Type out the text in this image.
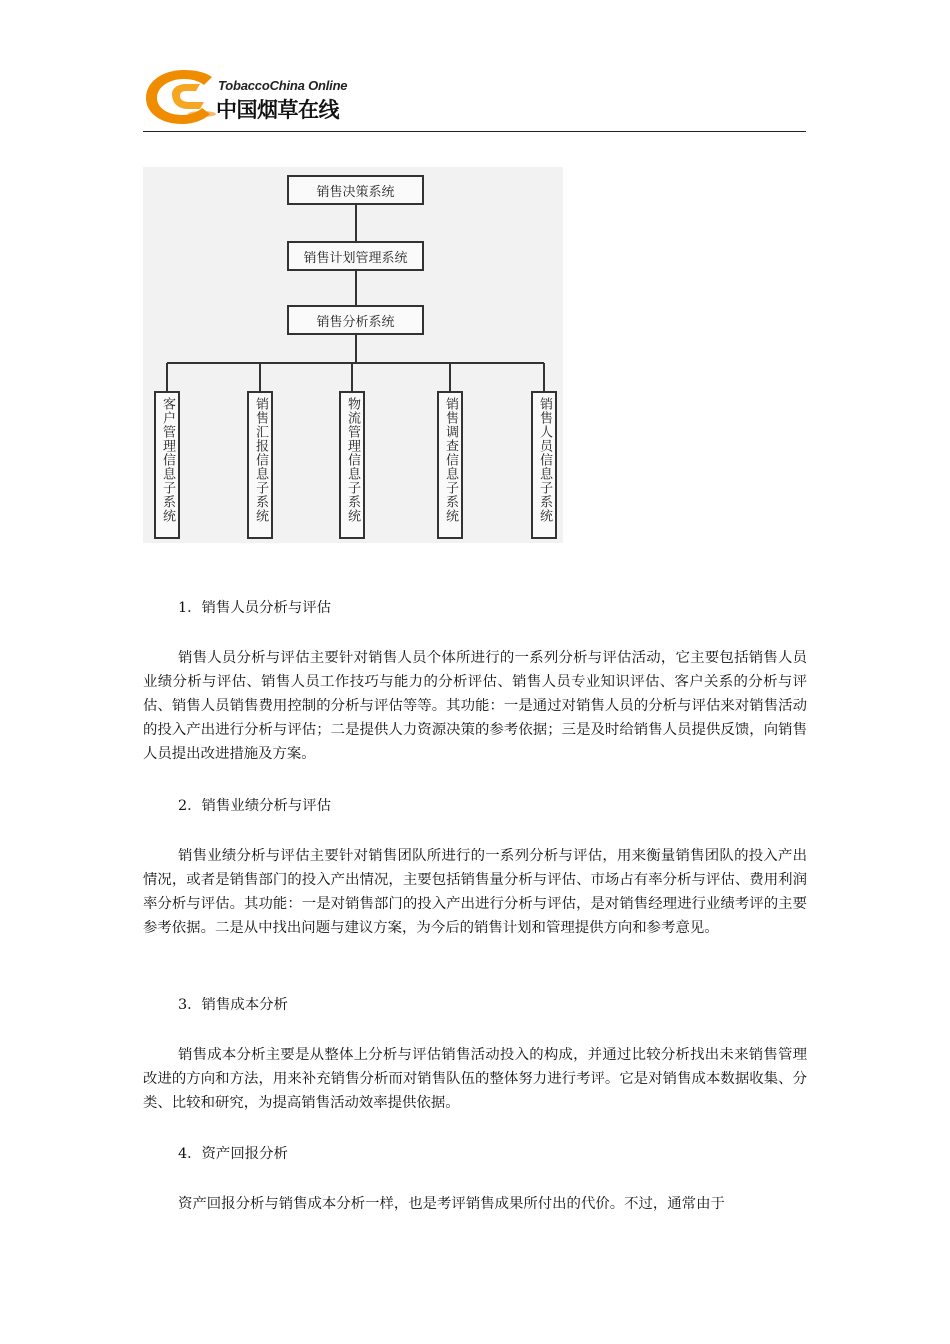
TobaccoChina Online
中国烟草在线
销售决策系统
销售计划管理系统
销售分析系统
客户管理信息子系统	销售汇报信息子系统	物流管理信息子系统	销售调查信息子系统	销售人员信息子系统
1．销售人员分析与评估

销售人员分析与评估主要针对销售人员个体所进行的一系列分析与评估活动，它主要包括销售人员业绩分析与评估、销售人员工作技巧与能力的分析评估、销售人员专业知识评估、客户关系的分析与评估、销售人员销售费用控制的分析与评估等等。其功能：一是通过对销售人员的分析与评估来对销售活动的投入产出进行分析与评估；二是提供人力资源决策的参考依据；三是及时给销售人员提供反馈，向销售人员提出改进措施及方案。

2．销售业绩分析与评估

销售业绩分析与评估主要针对销售团队所进行的一系列分析与评估，用来衡量销售团队的投入产出情况，或者是销售部门的投入产出情况，主要包括销售量分析与评估、市场占有率分析与评估、费用利润率分析与评估。其功能：一是对销售部门的投入产出进行分析与评估，是对销售经理进行业绩考评的主要参考依据。二是从中找出问题与建议方案，为今后的销售计划和管理提供方向和参考意见。

3．销售成本分析

销售成本分析主要是从整体上分析与评估销售活动投入的构成，并通过比较分析找出未来销售管理改进的方向和方法，用来补充销售分析而对销售队伍的整体努力进行考评。它是对销售成本数据收集、分类、比较和研究，为提高销售活动效率提供依据。

4．资产回报分析

资产回报分析与销售成本分析一样，也是考评销售成果所付出的代价。不过，通常由于
